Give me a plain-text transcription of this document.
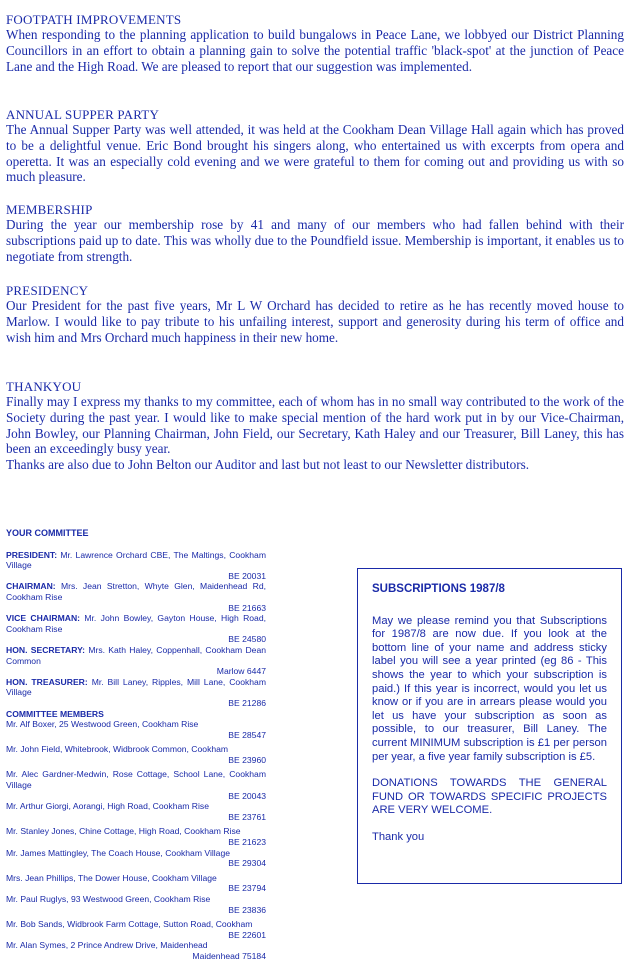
FOOTPATH IMPROVEMENTS
When responding to the planning application to build bungalows in Peace Lane, we lobbyed our District Planning Councillors in an effort to obtain a planning gain to solve the potential traffic 'black-spot' at the junction of Peace Lane and the High Road. We are pleased to report that our suggestion was implemented.
ANNUAL SUPPER PARTY
The Annual Supper Party was well attended, it was held at the Cookham Dean Village Hall again which has proved to be a delightful venue. Eric Bond brought his singers along, who entertained us with excerpts from opera and operetta. It was an especially cold evening and we were grateful to them for coming out and providing us with so much pleasure.
MEMBERSHIP
During the year our membership rose by 41 and many of our members who had fallen behind with their subscriptions paid up to date. This was wholly due to the Poundfield issue. Membership is important, it enables us to negotiate from strength.
PRESIDENCY
Our President for the past five years, Mr L W Orchard has decided to retire as he has recently moved house to Marlow. I would like to pay tribute to his unfailing interest, support and generosity during his term of office and wish him and Mrs Orchard much happiness in their new home.
THANKYOU
Finally may I express my thanks to my committee, each of whom has in no small way contributed to the work of the Society during the past year. I would like to make special mention of the hard work put in by our Vice-Chairman, John Bowley, our Planning Chairman, John Field, our Secretary, Kath Haley and our Treasurer, Bill Laney, this has been an exceedingly busy year.
Thanks are also due to John Belton our Auditor and last but not least to our Newsletter distributors.
YOUR COMMITTEE
PRESIDENT: Mr. Lawrence Orchard CBE, The Maltings, Cookham Village
BE 20031
CHAIRMAN: Mrs. Jean Stretton, Whyte Glen, Maidenhead Rd, Cookham Rise
BE 21663
VICE CHAIRMAN: Mr. John Bowley, Gayton House, High Road, Cookham Rise
BE 24580
HON. SECRETARY: Mrs. Kath Haley, Coppenhall, Cookham Dean Common
Marlow 6447
HON. TREASURER: Mr. Bill Laney, Ripples, Mill Lane, Cookham Village
BE 21286
COMMITTEE MEMBERS
Mr. Alf Boxer, 25 Westwood Green, Cookham Rise
BE 28547
Mr. John Field, Whitebrook, Widbrook Common, Cookham
BE 23960
Mr. Alec Gardner-Medwin, Rose Cottage, School Lane, Cookham Village
BE 20043
Mr. Arthur Giorgi, Aorangi, High Road, Cookham Rise
BE 23761
Mr. Stanley Jones, Chine Cottage, High Road, Cookham Rise
BE 21623
Mr. James Mattingley, The Coach House, Cookham Village
BE 29304
Mrs. Jean Phillips, The Dower House, Cookham Village
BE 23794
Mr. Paul Ruglys, 93 Westwood Green, Cookham Rise
BE 23836
Mr. Bob Sands, Widbrook Farm Cottage, Sutton Road, Cookham
BE 22601
Mr. Alan Symes, 2 Prince Andrew Drive, Maidenhead
Maidenhead 75184
SUBSCRIPTIONS 1987/8
May we please remind you that Subscriptions for 1987/8 are now due. If you look at the bottom line of your name and address sticky label you will see a year printed (eg 86 - This shows the year to which your subscription is paid.) If this year is incorrect, would you let us know or if you are in arrears please would you let us have your subscription as soon as possible, to our treasurer, Bill Laney. The current MINIMUM subscription is £1 per person per year, a five year family subscription is £5.
DONATIONS TOWARDS THE GENERAL FUND OR TOWARDS SPECIFIC PROJECTS ARE VERY WELCOME.
Thank you
